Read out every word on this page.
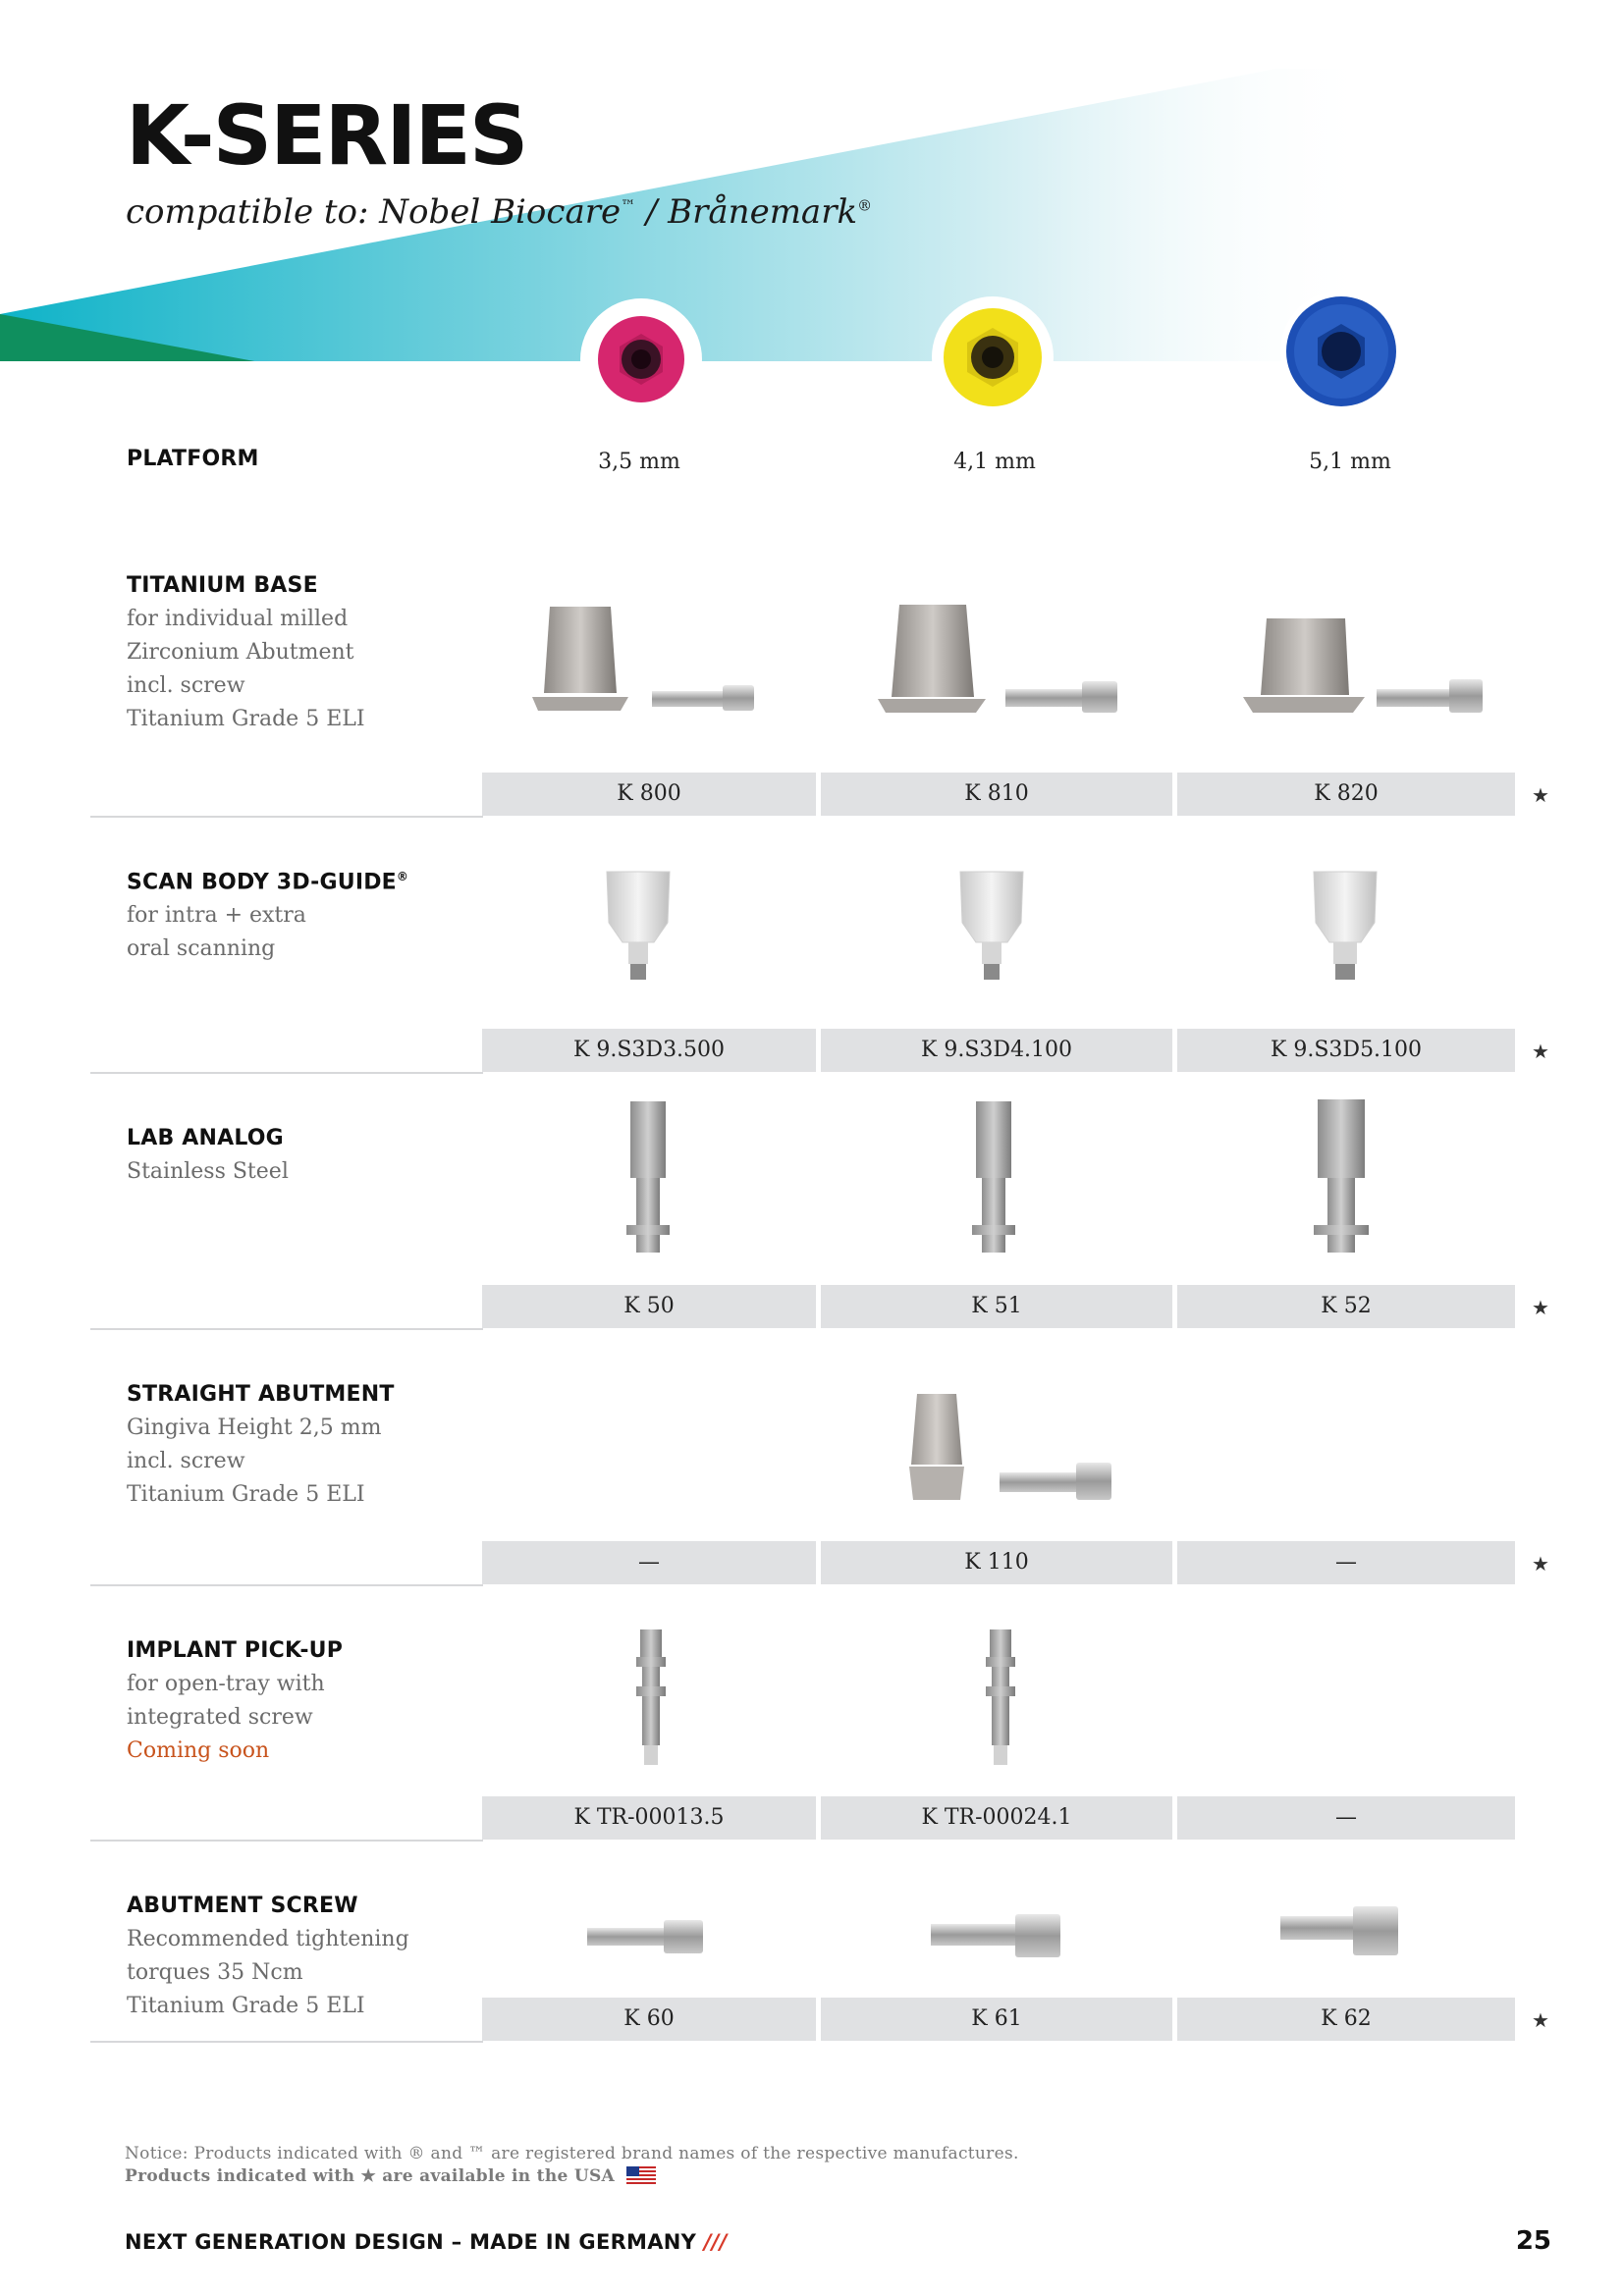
K-SERIES
compatible to: Nobel Biocare™ / Brånemark®
PLATFORM	3,5 mm	4,1 mm	5,1 mm
TITANIUM BASE
for individual milled
Zirconium Abutment
incl. screw
Titanium Grade 5 ELI
K 800	K 810	K 820	★
SCAN BODY 3D-GUIDE®
for intra + extra
oral scanning
K 9.S3D3.500	K 9.S3D4.100	K 9.S3D5.100	★
LAB ANALOG
Stainless Steel
K 50	K 51	K 52	★
STRAIGHT ABUTMENT
Gingiva Height 2,5 mm
incl. screw
Titanium Grade 5 ELI
—	K 110	—	★
IMPLANT PICK-UP
for open-tray with
integrated screw
Coming soon
K TR-00013.5	K TR-00024.1	—
ABUTMENT SCREW
Recommended tightening
torques 35 Ncm
Titanium Grade 5 ELI
K 60	K 61	K 62	★
Notice: Products indicated with ® and ™ are registered brand names of the respective manufactures.
Products indicated with ★ are available in the USA
NEXT GENERATION DESIGN – MADE IN GERMANY ///	25
